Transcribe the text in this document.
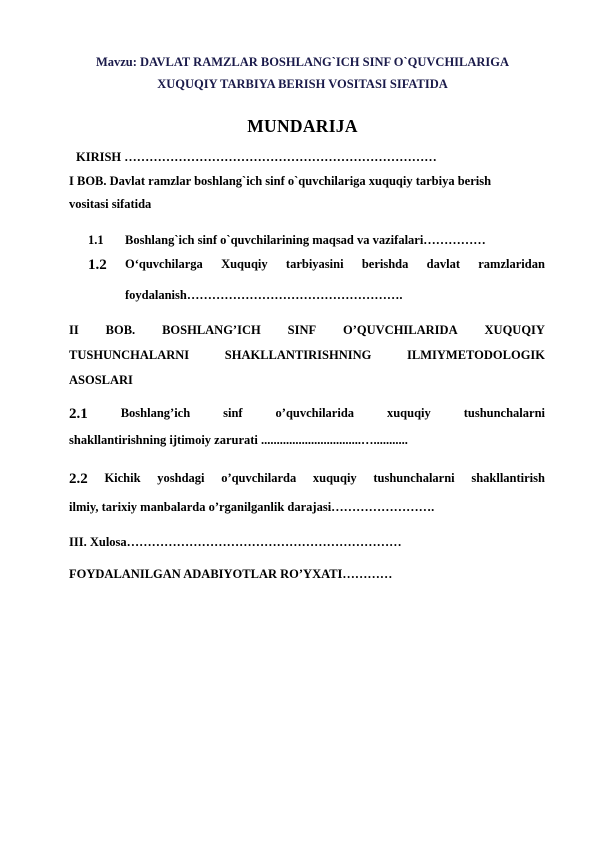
Mavzu: DAVLAT RAMZLAR BOSHLANG`ICH SINF O`QUVCHILARIGA
XUQUQIY TARBIYA BERISH VOSITASI SIFATIDA
MUNDARIJA
KIRISH …………………………………………………………………
I BOB. Davlat ramzlar boshlang`ich sinf o`quvchilariga xuquqiy tarbiya berish
vositasi sifatida
1.1 Boshlang`ich sinf o`quvchilarining maqsad va vazifalari……………
1.2 O‘quvchilarga Xuquqiy tarbiyasini berishda davlat ramzlaridan
foydalanish…………………………………………….
II BOB. BOSHLANG’ICH SINF O’QUVCHILARIDA XUQUQIY
TUSHUNCHALARNI	SHAKLLANTIRISHNING	ILMIYMETODOLOGIK
ASOSLARI
2.1	Boshlang’ich	sinf	o’quvchilarida	xuquqiy	tushunchalarni
shakllantirishning ijtimoiy zarurati ................................…...........
2.2 Kichik yoshdagi o’quvchilarda xuquqiy tushunchalarni shakllantirish
ilmiy, tarixiy manbalarda o’rganilganlik darajasi…………………….
III. Xulosa…………………………………………………………
FOYDALANILGAN ADABIYOTLAR RO’YXATI…………
